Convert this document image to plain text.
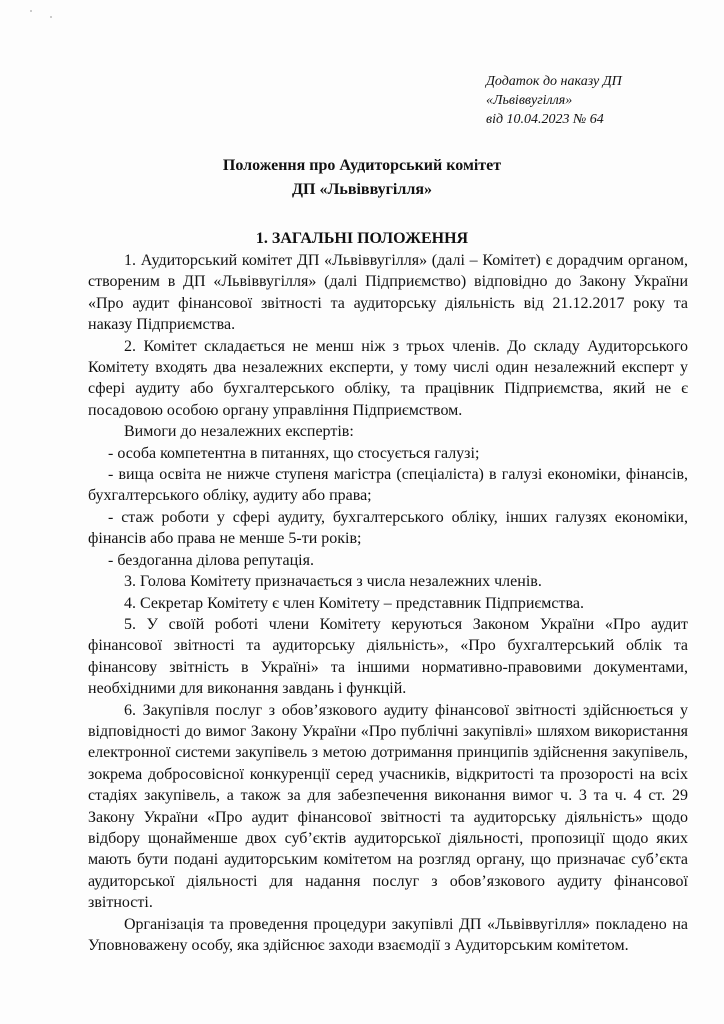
Додаток до наказу ДП
«Львіввугілля»
від 10.04.2023 № 64
Положення про Аудиторський комітет
ДП «Львіввугілля»
1. ЗАГАЛЬНІ ПОЛОЖЕННЯ

1. Аудиторський комітет ДП «Львіввугілля» (далі – Комітет) є дорадчим органом, створеним в ДП «Львіввугілля» (далі Підприємство) відповідно до Закону України «Про аудит фінансової звітності та аудиторську діяльність від 21.12.2017 року та наказу Підприємства.

2. Комітет складається не менш ніж з трьох членів. До складу Аудиторського Комітету входять два незалежних експерти, у тому числі один незалежний експерт у сфері аудиту або бухгалтерського обліку, та працівник Підприємства, який не є посадовою особою органу управління Підприємством.

Вимоги до незалежних експертів:

- особа компетентна в питаннях, що стосується галузі;

- вища освіта не нижче ступеня магістра (спеціаліста) в галузі економіки, фінансів, бухгалтерського обліку, аудиту або права;

- стаж роботи у сфері аудиту, бухгалтерського обліку, інших галузях економіки, фінансів або права не менше 5-ти років;

- бездоганна ділова репутація.

3. Голова Комітету призначається з числа незалежних членів.

4. Секретар Комітету є член Комітету – представник Підприємства.

5. У своїй роботі члени Комітету керуються Законом України «Про аудит фінансової звітності та аудиторську діяльність», «Про бухгалтерський облік та фінансову звітність в Україні» та іншими нормативно-правовими документами, необхідними для виконання завдань і функцій.

6. Закупівля послуг з обов’язкового аудиту фінансової звітності здійснюється у відповідності до вимог Закону України «Про публічні закупівлі» шляхом використання електронної системи закупівель з метою дотримання принципів здійснення закупівель, зокрема добросовісної конкуренції серед учасників, відкритості та прозорості на всіх стадіях закупівель, а також за для забезпечення виконання вимог ч. 3 та ч. 4 ст. 29 Закону України «Про аудит фінансової звітності та аудиторську діяльність» щодо відбору щонайменше двох суб’єктів аудиторської діяльності, пропозиції щодо яких мають бути подані аудиторським комітетом на розгляд органу, що призначає суб’єкта аудиторської діяльності для надання послуг з обов’язкового аудиту фінансової звітності.

Організація та проведення процедури закупівлі ДП «Львіввугілля» покладено на Уповноважену особу, яка здійснює заходи взаємодії з Аудиторським комітетом.
